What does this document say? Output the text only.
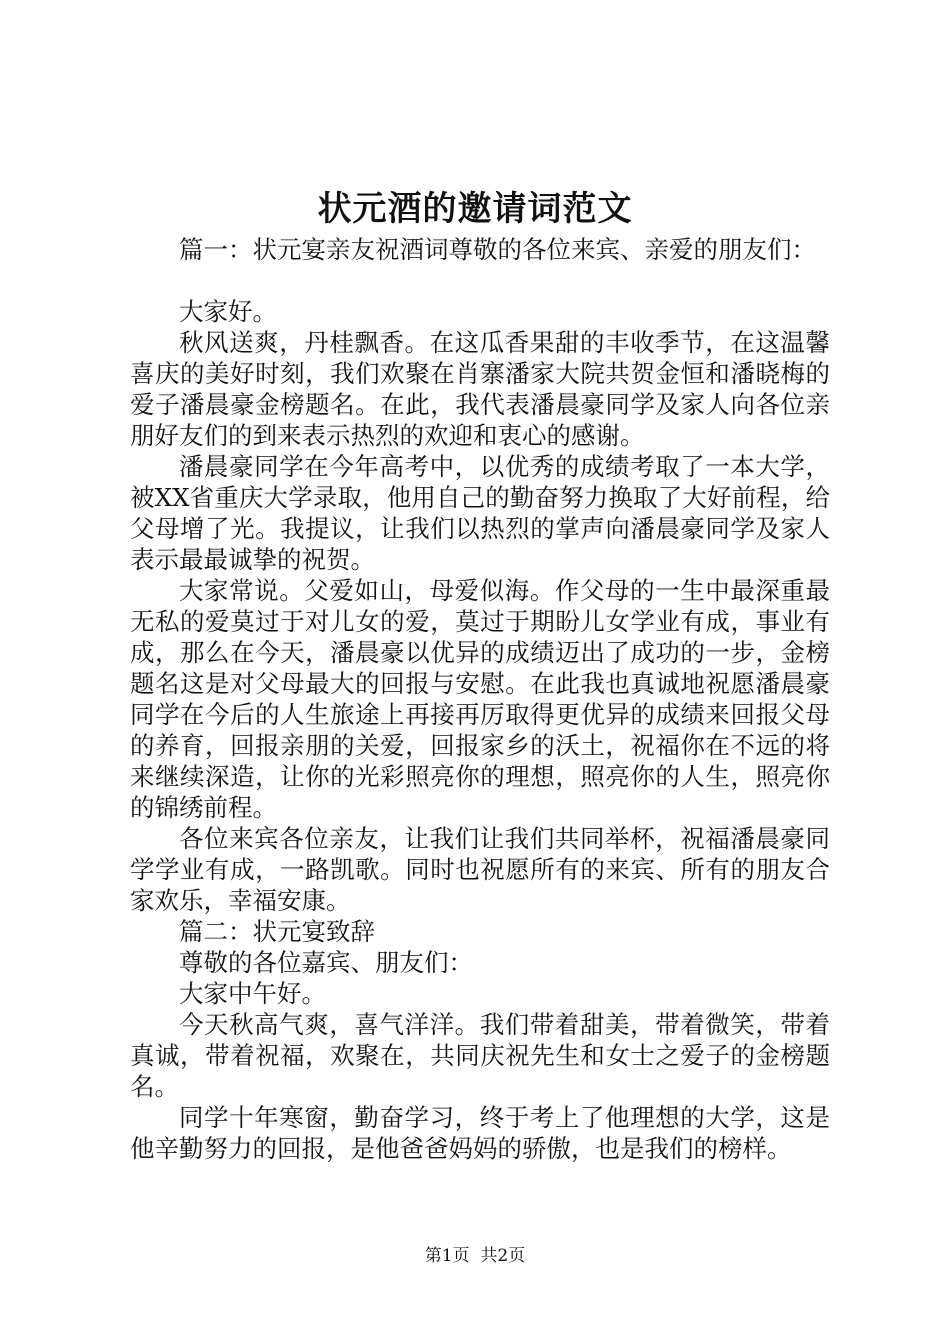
状元酒的邀请词范文

篇一：状元宴亲友祝酒词尊敬的各位来宾、亲爱的朋友们：

大家好。

秋风送爽，丹桂飘香。在这瓜香果甜的丰收季节，在这温馨喜庆的美好时刻，我们欢聚在肖寨潘家大院共贺金恒和潘晓梅的爱子潘晨豪金榜题名。在此，我代表潘晨豪同学及家人向各位亲朋好友们的到来表示热烈的欢迎和衷心的感谢。

潘晨豪同学在今年高考中，以优秀的成绩考取了一本大学，被XX省重庆大学录取，他用自己的勤奋努力换取了大好前程，给父母增了光。我提议，让我们以热烈的掌声向潘晨豪同学及家人表示最最诚挚的祝贺。

大家常说。父爱如山，母爱似海。作父母的一生中最深重最无私的爱莫过于对儿女的爱，莫过于期盼儿女学业有成，事业有成，那么在今天，潘晨豪以优异的成绩迈出了成功的一步，金榜题名这是对父母最大的回报与安慰。在此我也真诚地祝愿潘晨豪同学在今后的人生旅途上再接再厉取得更优异的成绩来回报父母的养育，回报亲朋的关爱，回报家乡的沃土，祝福你在不远的将来继续深造，让你的光彩照亮你的理想，照亮你的人生，照亮你的锦绣前程。

各位来宾各位亲友，让我们让我们共同举杯，祝福潘晨豪同学学业有成，一路凯歌。同时也祝愿所有的来宾、所有的朋友合家欢乐，幸福安康。

篇二：状元宴致辞

尊敬的各位嘉宾、朋友们：

大家中午好。

今天秋高气爽，喜气洋洋。我们带着甜美，带着微笑，带着真诚，带着祝福，欢聚在，共同庆祝先生和女士之爱子的金榜题名。

同学十年寒窗，勤奋学习，终于考上了他理想的大学，这是他辛勤努力的回报，是他爸爸妈妈的骄傲，也是我们的榜样。

第1页 共2页
